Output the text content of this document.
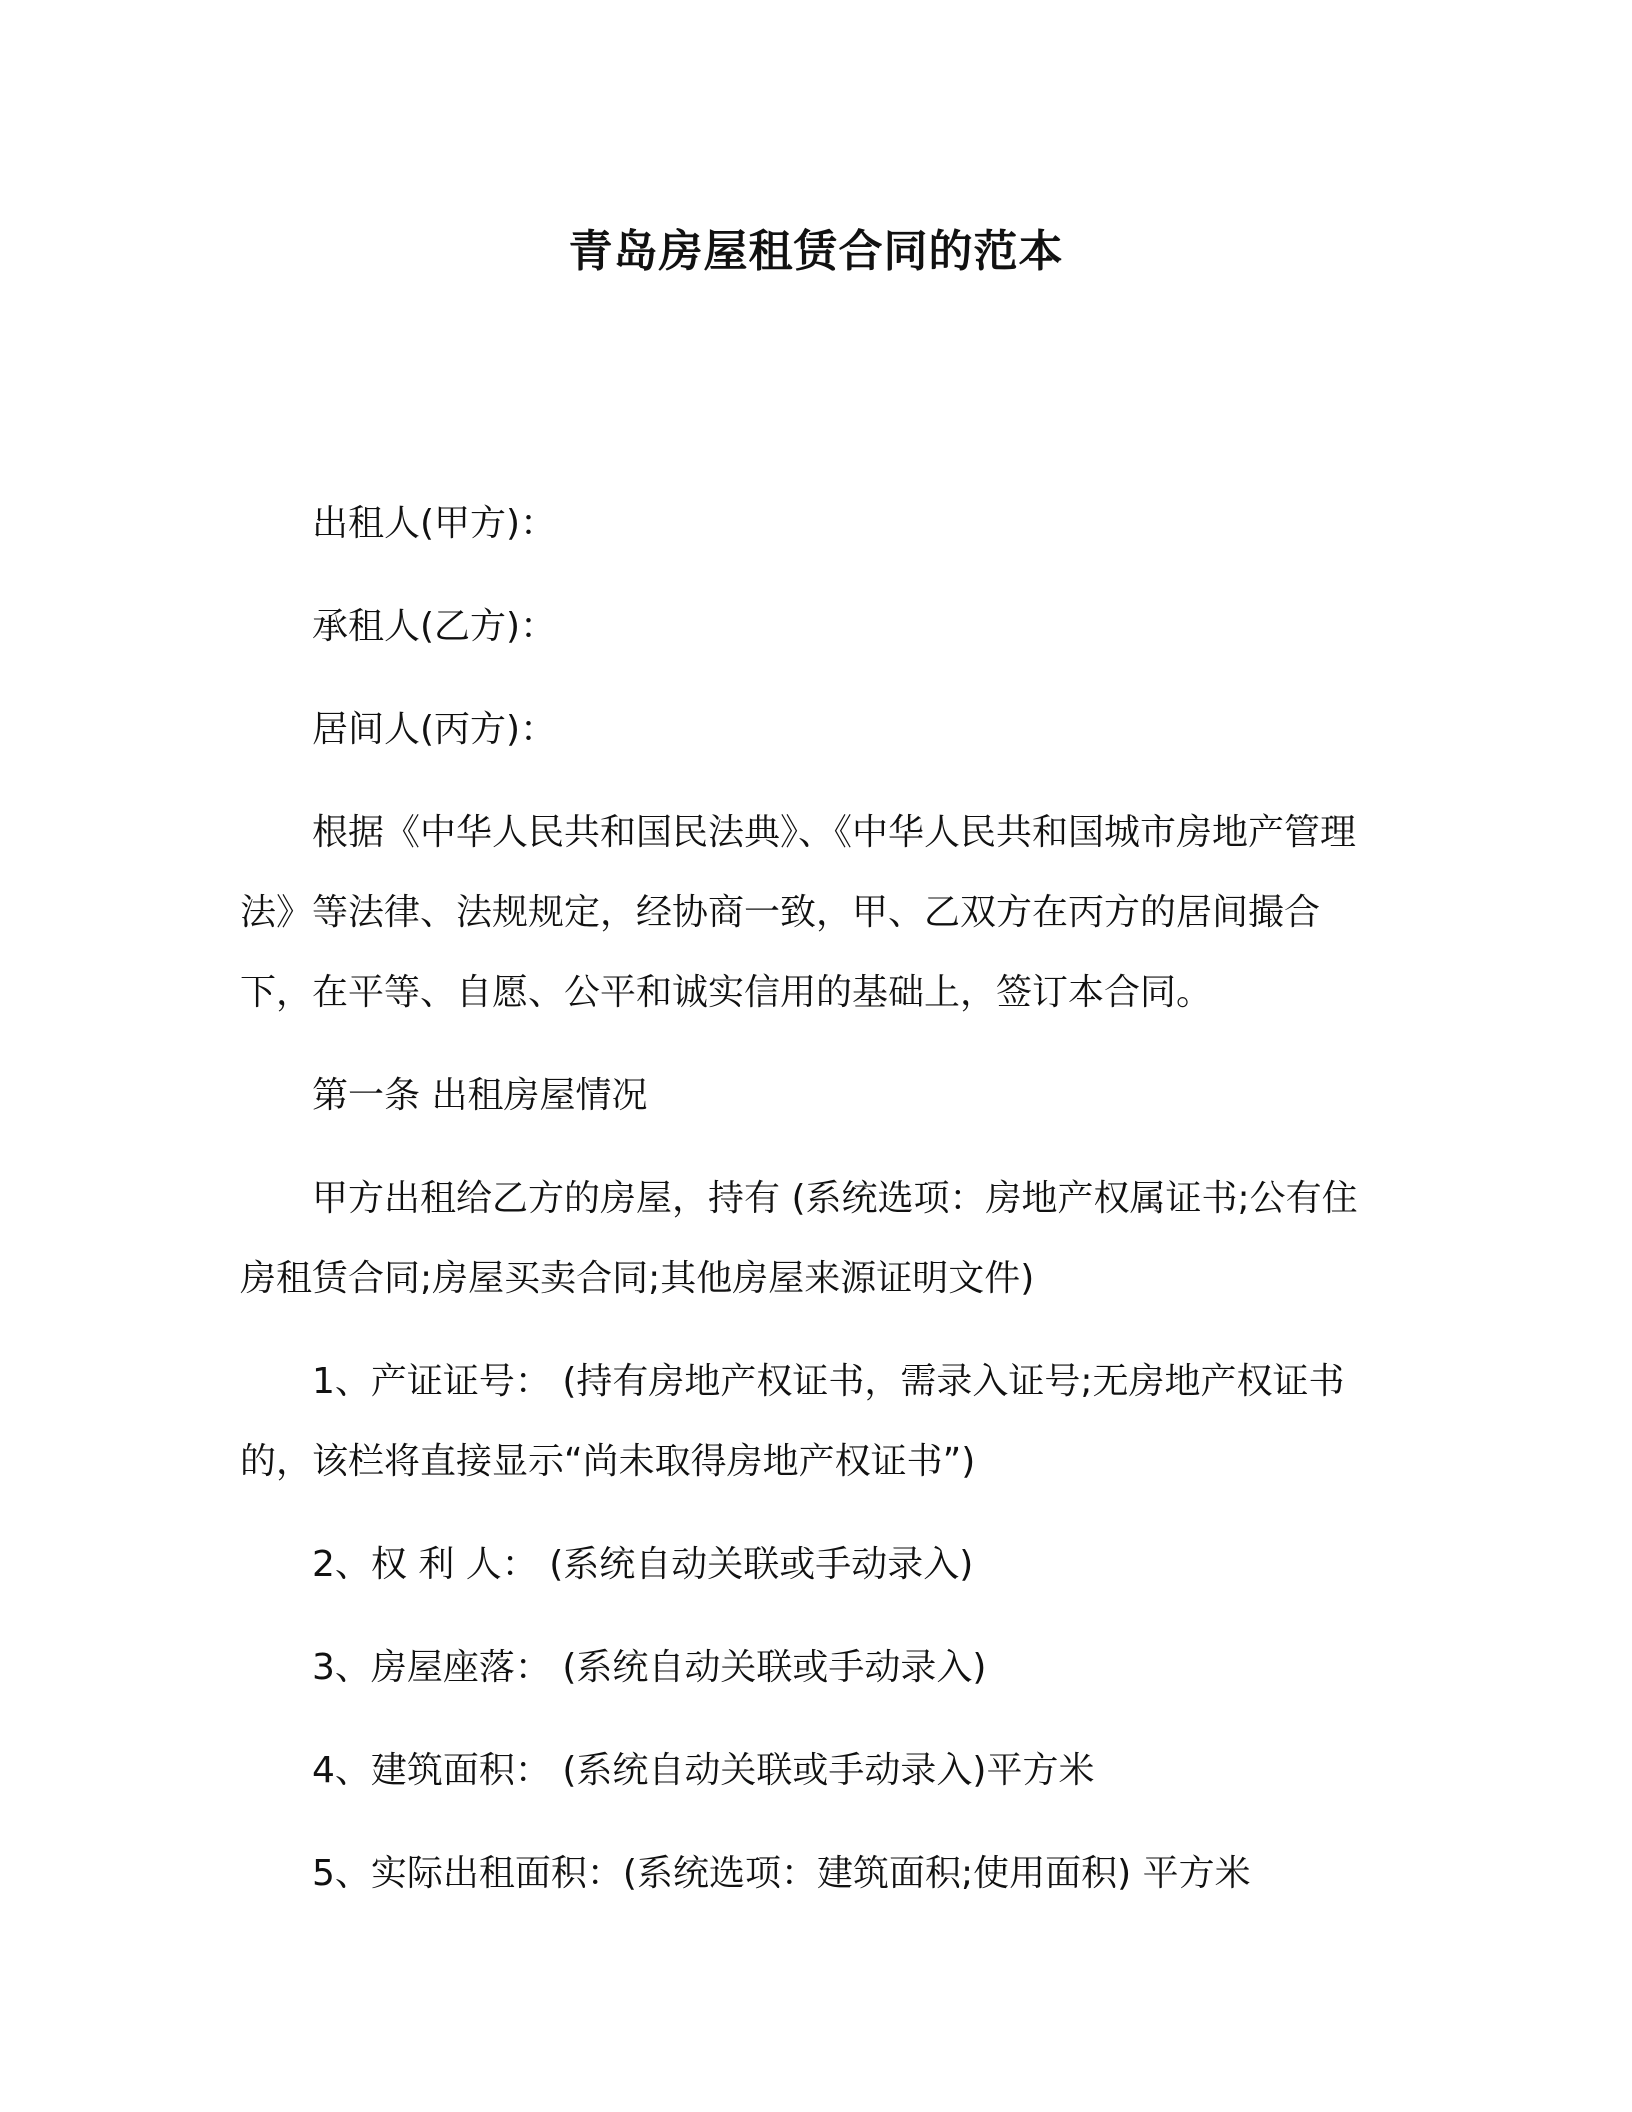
青岛房屋租赁合同的范本

出租人(甲方)：

承租人(乙方)：

居间人(丙方)：

根据《中华人民共和国民法典》、《中华人民共和国城市房地产管理法》等法律、法规规定，经协商一致，甲、乙双方在丙方的居间撮合下，在平等、自愿、公平和诚实信用的基础上，签订本合同。

第一条 出租房屋情况

甲方出租给乙方的房屋，持有 (系统选项：房地产权属证书;公有住房租赁合同;房屋买卖合同;其他房屋来源证明文件)

1、产证证号： (持有房地产权证书，需录入证号;无房地产权证书的，该栏将直接显示“尚未取得房地产权证书”)

2、权 利 人： (系统自动关联或手动录入)

3、房屋座落： (系统自动关联或手动录入)

4、建筑面积： (系统自动关联或手动录入)平方米

5、实际出租面积：(系统选项：建筑面积;使用面积) 平方米
